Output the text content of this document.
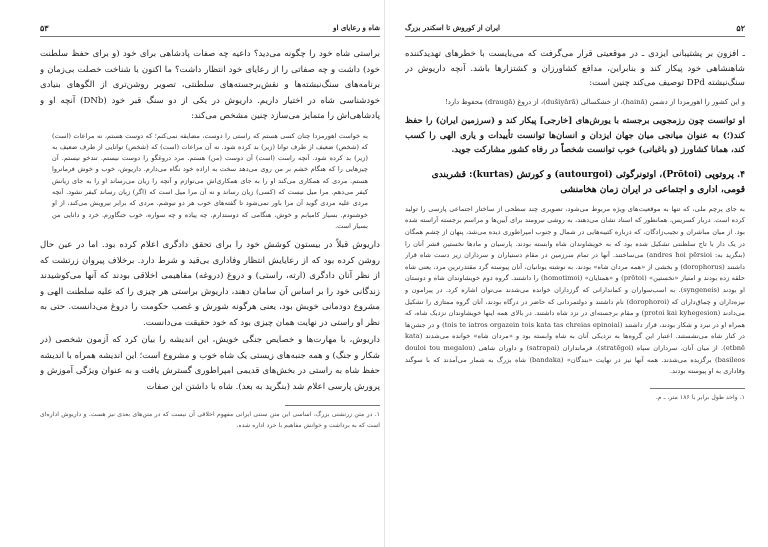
۵۳	شاه و رعایای او

براستی شاه خود را چگونه می‌دید؟ داعیه چه صفات پادشاهی برای خود (و برای حفظ سلطنت خود) داشت و چه صفاتی را از رعایای خود انتظار داشت؟ ما اکنون با شناخت خصلت بی‌زمان و برنامه‌های سنگ‌نبشته‌ها و نقش‌برجسته‌های سلطنتی، تصویر روشن‌تری از الگوهای بنیادی خودشناسی شاه در اختیار داریم. داریوش در یکی از دو سنگ قبر خود (DNb) آنچه او و پادشاهی‌اش را متمایز می‌سازد چنین مشخص می‌کند:

به خواست اهورمزدا چنان کسی هستم که راستی را دوست، مضایقه نمی‌کنم؛ که دوست هستم، نه مراعات (است) که (شخص) ضعیف از طرف توانا (زیر) بد کرده شود. نه آن مراعات (است) که (شخص) توانایی از طرف ضعیف به (زیر) بد کرده شود. آنچه راست (است) آن دوست (من) هستم. مرد دروغگو را دوست نیستم. تندخو نیستم. آن چیزهایی را که هنگام خشم بر من روی می‌دهد سخت به اراده خود نگاه می‌دارم. داریوش، خوب و خوش فرمانروا هستم. مردی که همکاری می‌کند او را به جای همکاری‌اش می‌نوازم و آنچه را زیان می‌رساند او را به جای زیانش کیفر می‌دهم. مرا میل نیست که (کسی) زیان رساند و نه آن مرا میل است که (اگر) زیان رساند کیفر نشود. آنچه مردی علیه مردی گوید آن مرا باور نمی‌شود تا گفته‌های خوب هر دو نیوشم. مردی که برابر نیرویش می‌کند، از او خوشنودم. بسیار کامیابم و خوش، هنگامی که دوستدارم. چه پیاده و چه سواره، خوب جنگاورم. خرد و دانایی من بسیار است.

داریوش قبلاً در بیستون کوشش خود را برای تحقق دادگری اعلام کرده بود. اما در عین حال روشن کرده بود که از رعایایش انتظار وفاداری بی‌قید و شرط دارد. برخلاف پیروان زرتشت که از نظر آنان دادگری (ارته، راستی) و دروغ (دروغه) مفاهیمی اخلاقی بودند که آنها می‌کوشیدند زندگانی خود را بر اساس آن سامان دهند، داریوش براستی هر چیزی را که علیه سلطنت الهی و مشروع دودمانی خویش بود، یعنی هرگونه شورش و غصب حکومت را دروغ می‌دانست. حتی به نظر او راستی در نهایت همان چیزی بود که خود حقیقت می‌دانست.

داریوش، با مهارت‌ها و خصایص جنگی خویش، این اندیشه را بیان کرد که آزمون شخصی (در شکار و جنگ) و همه جنبه‌های زیستی یک شاه خوب و مشروع است؛ این اندیشه همراه با اندیشه حفظ شاه به راستی در بخش‌های قدیمی امپراطوری گسترش یافت و به عنوان ویژگی آموزش و پرورش پارسی اعلام شد (بنگرید به بعد). شاه با داشتن این صفات

۱. در متن زرتشتی بزرگ، اساسی این متن سنتی ایرانی مفهوم اخلاقی آن نیست که در متن‌های بعدی نیز هست. و داریوش اداره‌ای است که به برداشت و خوانش مفاهیم با خرد اداره شده.

۵۲
ایران از کوروش تا اسکندر بزرگ

ـ افزون بر پشتیبانی ایزدی ـ در موقعیتی قرار می‌گرفت که می‌بایست با خطرهای تهدیدکننده شاهنشاهی خود پیکار کند و بنابراین، مدافع کشاورزان و کشتزارها باشد. آنچه داریوش در سنگ‌نبشته DPd توصیف می‌کند چنین است:

و این کشور را اهورمزدا از دشمن (hainā)، از خشکسالی (dušiyārā)، از دروغ (draugā) محفوظ دارد!

او توانست چون رزمجویی برجسته با یورش‌های [خارجی] پیکار کند و (سرزمین ایران) را حفظ کند(؛) به عنوان میانجی میان جهان ایزدان و انسان‌ها توانست تأییدات و یاری الهی را کسب کند، همانا کشاورز (و باغبانی) خوب توانست شخصاً در رفاه کشور مشارکت جوید.

۴. پروتوپی (Prōtoi)، اوتونرگوئی (autourgoi) و کورتش (kurtas): قشربندی قومی، اداری و اجتماعی در ایران زمان هخامنشی

به جای پرچم ملی، که تنها به موقعیت‌های ویژه مربوط می‌شود، تصویری چند سطحی از ساختار اجتماعی پارسی را تولید کرده است. دربار کسریس، همانطور که اسناد نشان می‌دهند، به روشی نیرومند برای آیین‌ها و مراسم برجسته آراسته شده بود. از میان مباشران و نجیب‌زادگان، که درباره کتیبه‌هایی در شمال و جنوب امپراطوری دیده می‌شد، پنهان از چشم همگان در یک دار با تاج سلطنتی تشکیل شده بود که به خویشاوندان شاه وابسته بودند. پارسیان و مادها نخستین قشر آنان را (بنگرید به: andres hoi pērsioi) می‌ساختند. آنها در تمام سرزمین در مقام دستیاران و سرداران زیر دست شاه قرار داشتند (dorophorus) و بخشی از «همه مردان شاه» بودند. به نوشته یونانیان، آنان پیوسته گرد مقتدرترین مرد، یعنی شاه حلقه زده بودند و امتیاز «نخستین» (prōtoi) و «همتایان» (homotimoi) را داشتند. گروه دوم خویشاوندان شاه و دوستان او بودند (syngeneis). به اسب‌سواران و کماندارانی که گرزداران خوانده می‌شدند می‌توان اشاره کرد. در پیرامون و نیزه‌داران و چماق‌داران که (dorophoroi) نام داشتند و دولتمردانی که حاضر در درگاه بودند، آنان گروه ممتازی را تشکیل می‌دادند (protoi kai kyhegesion) و مقام برجسته‌ای در نزد شاه داشتند. در بالای همه اینها خویشاوندان نزدیک شاه، که همراه او در نبرد و شکار بودند، قرار داشتند (tois te iatros orgazein tois kata tas chreias epinoiai) و در جشن‌ها در کنار شاه می‌نشستند. اعتبار این گروه‌ها به نزدیکی آنان به شاه وابسته بود و «مردان شاه» خوانده می‌شدند (kata etbnē). از میان آنان، سرداران سپاه (stratēgoi)، فرمانداران (satrapai) و داوران شاهی (douloi tou megalou basileos) برگزیده می‌شدند. همه آنها نیز در نهایت «بندگان» (bandaka) شاه بزرگ به شمار می‌آمدند که با سوگند وفاداری به او پیوسته بودند.

۱. واحد طول برابر با ۱۸۶ متر. ـ م.
